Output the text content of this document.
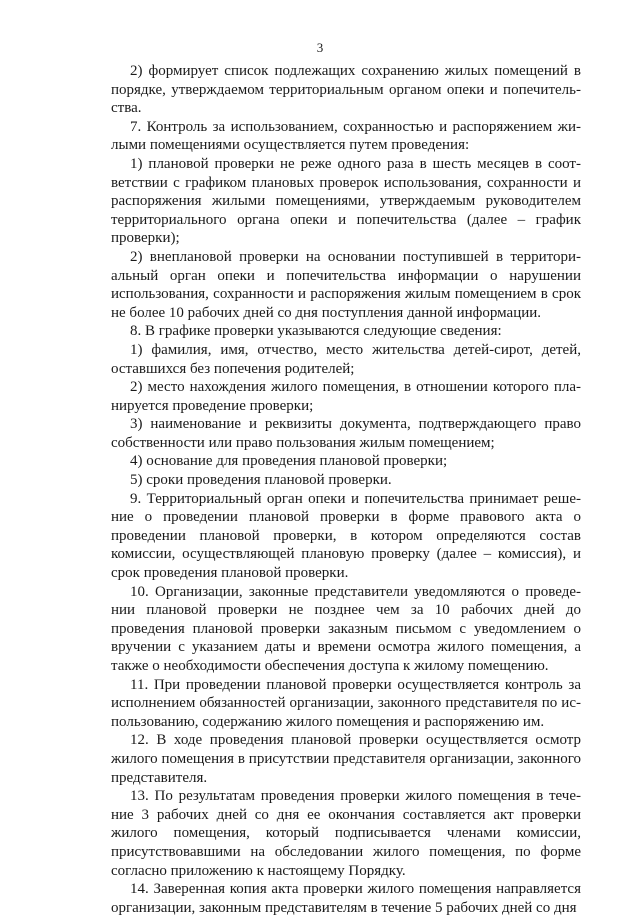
3

2) формирует список подлежащих сохранению жилых помещений в порядке, утверждаемом территориальным органом опеки и попечительства.

7. Контроль за использованием, сохранностью и распоряжением жилыми помещениями осуществляется путем проведения:

1) плановой проверки не реже одного раза в шесть месяцев в соответствии с графиком плановых проверок использования, сохранности и распоряжения жилыми помещениями, утверждаемым руководителем территориального органа опеки и попечительства (далее – график проверки);

2) внеплановой проверки на основании поступившей в территориальный орган опеки и попечительства информации о нарушении использования, сохранности и распоряжения жилым помещением в срок не более 10 рабочих дней со дня поступления данной информации.

8. В графике проверки указываются следующие сведения:

1) фамилия, имя, отчество, место жительства детей-сирот, детей, оставшихся без попечения родителей;

2) место нахождения жилого помещения, в отношении которого планируется проведение проверки;

3) наименование и реквизиты документа, подтверждающего право собственности или право пользования жилым помещением;

4) основание для проведения плановой проверки;

5) сроки проведения плановой проверки.

9. Территориальный орган опеки и попечительства принимает решение о проведении плановой проверки в форме правового акта о проведении плановой проверки, в котором определяются состав комиссии, осуществляющей плановую проверку (далее – комиссия), и срок проведения плановой проверки.

10. Организации, законные представители уведомляются о проведении плановой проверки не позднее чем за 10 рабочих дней до проведения плановой проверки заказным письмом с уведомлением о вручении с указанием даты и времени осмотра жилого помещения, а также о необходимости обеспечения доступа к жилому помещению.

11. При проведении плановой проверки осуществляется контроль за исполнением обязанностей организации, законного представителя по использованию, содержанию жилого помещения и распоряжению им.

12. В ходе проведения плановой проверки осуществляется осмотр жилого помещения в присутствии представителя организации, законного представителя.

13. По результатам проведения проверки жилого помещения в течение 3 рабочих дней со дня ее окончания составляется акт проверки жилого помещения, который подписывается членами комиссии, присутствовавшими на обследовании жилого помещения, по форме согласно приложению к настоящему Порядку.

14. Заверенная копия акта проверки жилого помещения направляется организации, законным представителям в течение 5 рабочих дней со дня
